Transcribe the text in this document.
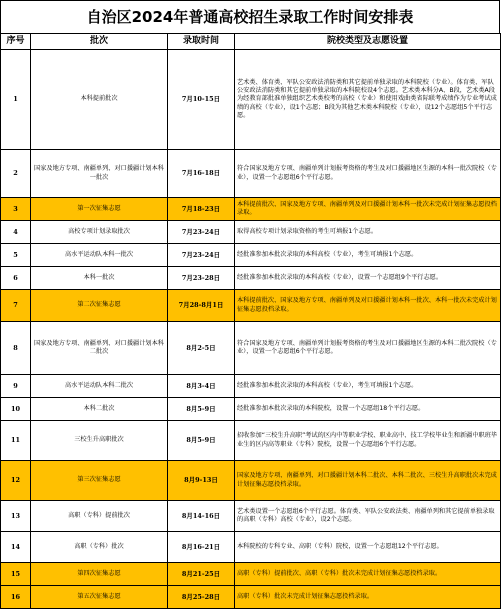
自治区2024年普通高校招生录取工作时间安排表
序号	批次	录取时间	院校类型及志愿设置
1	本科提前批次	7月10-15日	艺术类、体育类、军队公安政法消防类和其它提前单独录取的本科院校（专业）。体育类、军队公安政法消防类和其它提前单独录取的本科院校设4个志愿。艺术类本科分A、B段，艺术类A段为经教育部批准单独组织艺术类校考的高校（专业）和使用戏曲类省际联考成绩作为专业考试成绩的高校（专业），设1个志愿；B段为其他艺术类本科院校（专业），设12个志愿组5个平行志愿。
2	国家及地方专项、南疆单列、对口援疆计划本科一批次	7月16-18日	符合国家及地方专项、南疆单列计划报考资格的考生及对口援疆地区生源的本科一批次院校（专业），设置一个志愿组6个平行志愿。
3	第一次征集志愿	7月18-23日	本科提前批次、国家及地方专项、南疆单列及对口援疆计划本科一批次未完成计划征集志愿投档录取。
4	高校专项计划录取批次	7月23-24日	取得高校专项计划录取资格的考生可填报1个志愿。
5	高水平运动队本科一批次	7月23-24日	经批准参加本批次录取的本科高校（专业），考生可填报1个志愿。
6	本科一批次	7月23-28日	经批准参加本批次录取的本科高校（专业），设置一个志愿组9个平行志愿。
7	第二次征集志愿	7月28-8月1日	本科提前批次、国家及地方专项、南疆单列及对口援疆计划本科一批次、本科一批次未完成计划征集志愿投档录取。
8	国家及地方专项、南疆单列、对口援疆计划本科二批次	8月2-5日	符合国家及地方专项、南疆单列计划报考资格的考生及对口援疆地区生源的本科二批次院校（专业），设置一个志愿组6个平行志愿。
9	高水平运动队本科二批次	8月3-4日	经批准参加本批次录取的本科高校（专业），考生可填报1个志愿。
10	本科二批次	8月5-9日	经批准参加本批次录取的本科院校，设置一个志愿组18个平行志愿。
11	三校生升高职批次	8月5-9日	招收参加“三校生升高职”考试的区内中等职业学校、职业高中、技工学校毕业生和新疆中职班毕业生的区内高等职业（专科）院校，设置一个志愿组6个平行志愿。
12	第三次征集志愿	8月9-13日	国家及地方专项、南疆单列、对口援疆计划本科二批次、本科二批次、三校生升高职批次未完成计划征集志愿投档录取。
13	高职（专科）提前批次	8月14-16日	艺术类设置一个志愿组6个平行志愿。体育类、军队公安政法类、南疆单列和其它提前单独录取的高职（专科）高校（专业），设2个志愿。
14	高职（专科）批次	8月16-21日	本科院校的专科专业、高职（专科）院校，设置一个志愿组12个平行志愿。
15	第四次征集志愿	8月21-25日	高职（专科）提前批次、高职（专科）批次未完成计划征集志愿投档录取。
16	第五次征集志愿	8月25-28日	高职（专科）批次未完成计划征集志愿投档录取。
